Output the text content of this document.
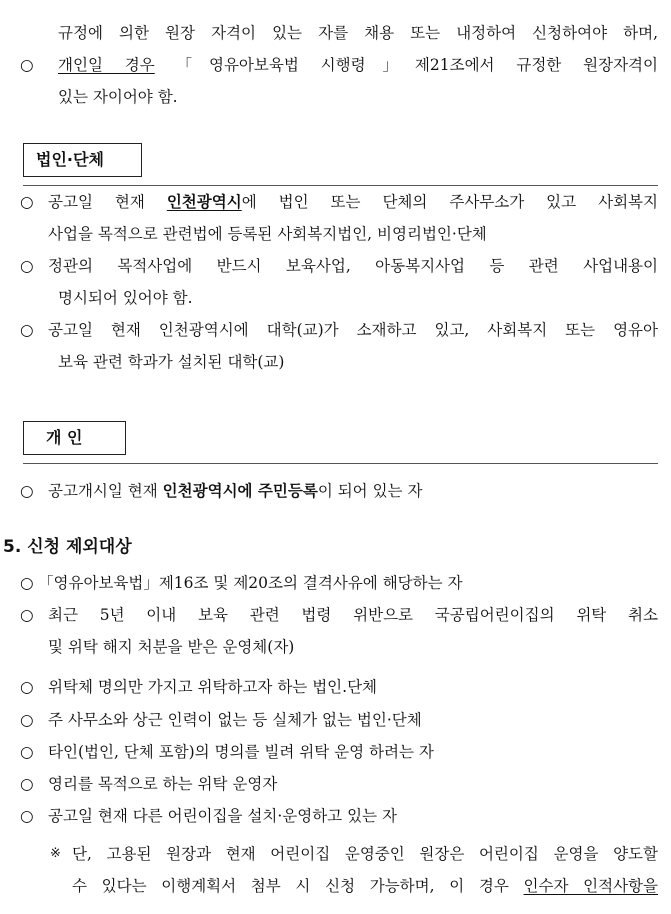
규정에 의한 원장 자격이 있는 자를 채용 또는 내정하여 신청하여야 하며,
○ 개인일 경우 「영유아보육법 시행령」제21조에서 규정한 원장자격이
있는 자이어야 함.
법인·단체
○ 공고일 현재 인천광역시에 법인 또는 단체의 주사무소가 있고 사회복지
사업을 목적으로 관련법에 등록된 사회복지법인, 비영리법인·단체
○ 정관의 목적사업에 반드시 보육사업, 아동복지사업 등 관련 사업내용이
명시되어 있어야 함.
○ 공고일 현재 인천광역시에 대학(교)가 소재하고 있고, 사회복지 또는 영유아
보육 관련 학과가 설치된 대학(교)
개 인
○ 공고개시일 현재 인천광역시에 주민등록이 되어 있는 자
5. 신청 제외대상
○ 「영유아보육법」제16조 및 제20조의 결격사유에 해당하는 자
○ 최근 5년 이내 보육 관련 법령 위반으로 국공립어린이집의 위탁 취소
및 위탁 해지 처분을 받은 운영체(자)
○ 위탁체 명의만 가지고 위탁하고자 하는 법인.단체
○ 주 사무소와 상근 인력이 없는 등 실체가 없는 법인·단체
○ 타인(법인, 단체 포함)의 명의를 빌려 위탁 운영 하려는 자
○ 영리를 목적으로 하는 위탁 운영자
○ 공고일 현재 다른 어린이집을 설치·운영하고 있는 자
※ 단, 고용된 원장과 현재 어린이집 운영중인 원장은 어린이집 운영을 양도할
수 있다는 이행계획서 첨부 시 신청 가능하며, 이 경우 인수자 인적사항을
